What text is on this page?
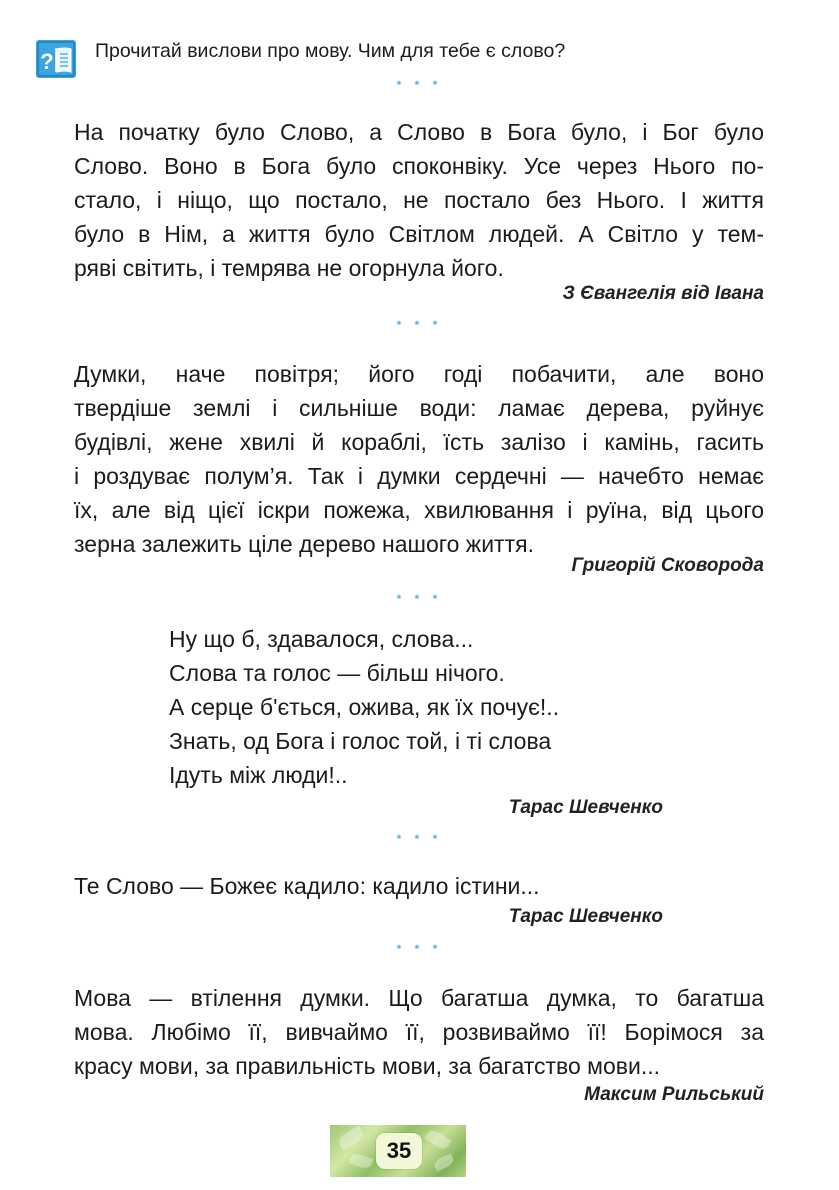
? Прочитай вислови про мову. Чим для тебе є слово?
* * *
На початку було Слово, а Слово в Бога було, і Бог було
Слово. Воно в Бога було споконвіку. Усе через Нього по-
стало, і ніщо, що постало, не постало без Нього. І життя
було в Нім, а життя було Світлом людей. А Світло у тем-
ряві світить, і темрява не огорнула його.
З Євангелія від Івана
* * *
Думки, наче повітря; його годі побачити, але воно
твердіше землі і сильніше води: ламає дерева, руйнує
будівлі, жене хвилі й кораблі, їсть залізо і камінь, гасить
і роздуває полум’я. Так і думки сердечні — начебто немає
їх, але від цієї іскри пожежа, хвилювання і руїна, від цього
зерна залежить ціле дерево нашого життя.
Григорій Сковорода
* * *
Ну що б, здавалося, слова...
Слова та голос — більш нічого.
А серце б'ється, ожива, як їх почує!..
Знать, од Бога і голос той, і ті слова
Ідуть між люди!..
Тарас Шевченко
* * *
Те Слово — Божеє кадило: кадило істини...
Тарас Шевченко
* * *
Мова — втілення думки. Що багатша думка, то багатша
мова. Любімо її, вивчаймо її, розвиваймо її! Борімося за
красу мови, за правильність мови, за багатство мови...
Максим Рильський
35
